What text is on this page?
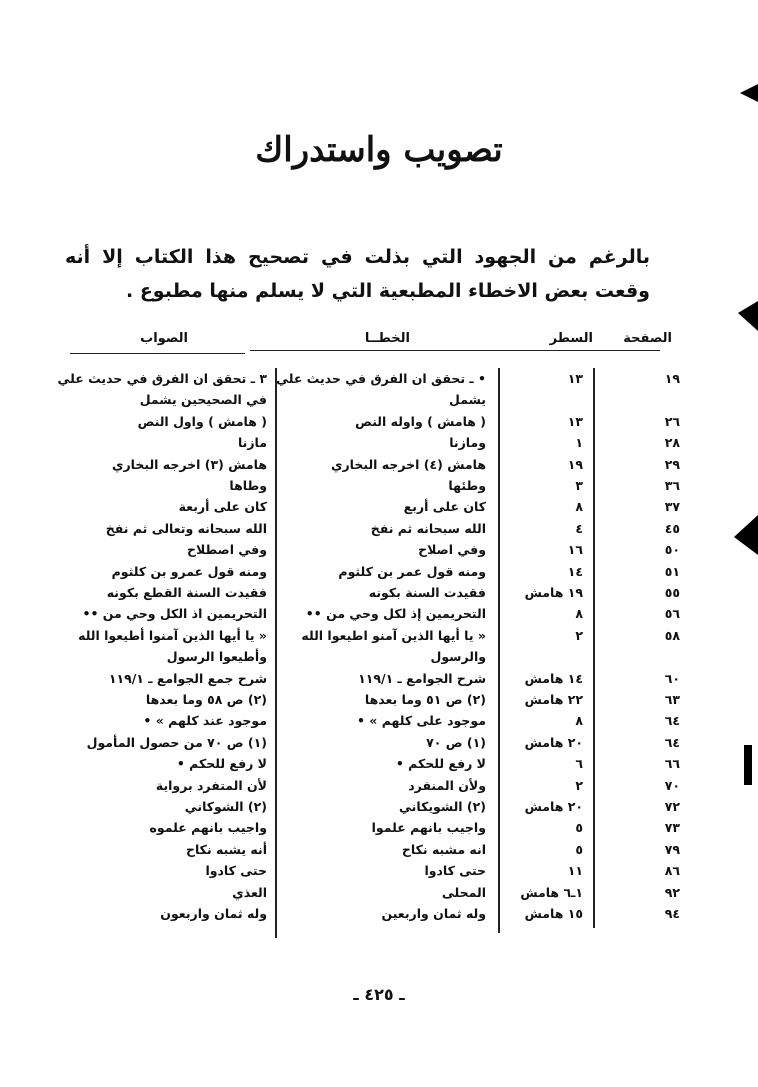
تصويب واستدراك
بالرغم من الجهود التي بذلت في تصحيح هذا الكتاب إلا أنه وقعت بعض الاخطاء المطبعية التي لا يسلم منها مطبوع .
الصفحة
السطر
الخطــا
الصواب
١٩
١٣
• ـ تحقق ان الفرق في حديث علي
٣ ـ تحقق ان الفرق في حديث علي
يشمل
في الصحيحين يشمل
٢٦
١٣
( هامش ) واوله النص
( هامش ) واول النص
٢٨
١
ومازنا
مازنا
٢٩
١٩
هامش (٤) اخرجه البخاري
هامش (٣) اخرجه البخاري
٣٦
٣
وطئها
وطاها
٣٧
٨
كان على أربع
كان على أربعة
٤٥
٤
الله سبحانه ثم نفخ
الله سبحانه وتعالى ثم نفخ
٥٠
١٦
وفي اصلاح
وفي اصطلاح
٥١
١٤
ومنه قول عمر بن كلثوم
ومنه قول عمرو بن كلثوم
٥٥
١٩ هامش
فقيدت السنة بكونه
فقيدت السنة القطع بكونه
٥٦
٨
التحريمين إذ لكل وحي من ••
التحريمين اذ الكل وحي من ••
٥٨
٢
« يا أيها الذين آمنو اطيعوا الله
« يا أيها الذين آمنوا أطيعوا الله
والرسول
وأطيعوا الرسول
٦٠
١٤ هامش
شرح الجوامع ـ ١١٩/١
شرح جمع الجوامع ـ ١١٩/١
٦٣
٢٢ هامش
(٢) ص ٥١ وما بعدها
(٢) ص ٥٨ وما بعدها
٦٤
٨
موجود على كلهم » •
موجود عند كلهم » •
٦٤
٢٠ هامش
(١) ص ٧٠
(١) ص ٧٠ من حصول المأمول
٦٦
٦
لا رفع للحكم •
لا رفع للحكم •
٧٠
٢
ولأن المنفرد
لأن المتفرد برواية
٧٢
٢٠ هامش
(٢) الشويكاني
(٢) الشوكاني
٧٣
٥
واجيب بانهم علموا
واجيب بانهم علموه
٧٩
٥
انه مشبه نكاح
أنه يشبه نكاح
٨٦
١١
حتى كادوا
حتى كادوا
٩٢
١ـ٦ هامش
المحلى
العذي
٩٤
١٥ هامش
وله ثمان واربعين
وله ثمان واربعون
ـ ٤٢٥ ـ
